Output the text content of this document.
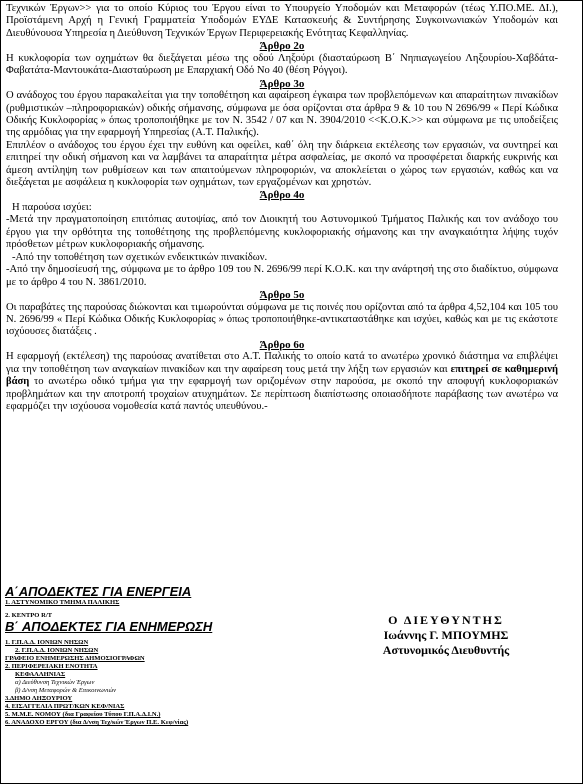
Τεχνικών Έργων>> για το οποίο Κύριος του Έργου είναι το Υπουργείο Υποδομών και Μεταφορών (τέως Υ.ΠΟ.ΜΕ. ΔΙ.), Προϊστάμενη Αρχή η Γενική Γραμματεία Υποδομών ΕΥΔΕ Κατασκευής & Συντήρησης Συγκοινωνιακών Υποδομών και Διευθύνουσα Υπηρεσία η Διεύθυνση Τεχνικών Έργων Περιφερειακής Ενότητας Κεφαλληνίας.

Άρθρο 2ο

Η κυκλοφορία των οχημάτων θα διεξάγεται μέσω της οδού Ληξούρι (διασταύρωση Β΄ Νηπιαγωγείου Ληξουρίου-Χαβδάτα- Φαβατάτα-Μαντουκάτα-Διασταύρωση με Επαρχιακή Οδό Νο 40 (θέση Ρόγγοι).

Άρθρο 3ο

Ο ανάδοχος του έργου παρακαλείται για την τοποθέτηση και αφαίρεση έγκαιρα των προβλεπόμενων και απαραίτητων πινακίδων (ρυθμιστικών –πληροφοριακών) οδικής σήμανσης, σύμφωνα με όσα ορίζονται στα άρθρα 9 & 10 του Ν 2696/99 « Περί Κώδικα Οδικής Κυκλοφορίας » όπως τροποποιήθηκε με τον Ν. 3542 / 07 και Ν. 3904/2010 <<Κ.Ο.Κ.>> και σύμφωνα με τις υποδείξεις της αρμόδιας για την εφαρμογή Υπηρεσίας (Α.Τ. Παλικής).

Επιπλέον ο ανάδοχος του έργου έχει την ευθύνη και οφείλει, καθ΄ όλη την διάρκεια εκτέλεσης των εργασιών, να συντηρεί και επιτηρεί την οδική σήμανση και να λαμβάνει τα απαραίτητα μέτρα ασφαλείας, με σκοπό να προσφέρεται διαρκής ευκρινής και άμεση αντίληψη των ρυθμίσεων και των απαιτούμενων πληροφοριών, να αποκλείεται ο χώρος των εργασιών, καθώς και να διεξάγεται με ασφάλεια η κυκλοφορία των οχημάτων, των εργαζομένων και χρηστών.

Άρθρο 4ο

Η παρούσα ισχύει:

-Μετά την πραγματοποίηση επιτόπιας αυτοψίας, από τον Διοικητή του Αστυνομικού Τμήματος Παλικής και τον ανάδοχο του έργου για την ορθότητα της τοποθέτησης της προβλεπόμενης κυκλοφοριακής σήμανσης και την αναγκαιότητα λήψης τυχόν πρόσθετων μέτρων κυκλοφοριακής σήμανσης.

-Από την τοποθέτηση των σχετικών ενδεικτικών πινακίδων.

-Από την δημοσίευσή της, σύμφωνα με το άρθρο 109 του Ν. 2696/99 περί Κ.Ο.Κ. και την ανάρτησή της στο διαδίκτυο, σύμφωνα με το άρθρο 4 του Ν. 3861/2010.

Άρθρο 5ο

Οι παραβάτες της παρούσας διώκονται και τιμωρούνται σύμφωνα με τις ποινές που ορίζονται από τα άρθρα 4,52,104 και 105 του Ν. 2696/99 « Περί Κώδικα Οδικής Κυκλοφορίας » όπως τροποποιήθηκε-αντικαταστάθηκε και ισχύει, καθώς και με τις εκάστοτε ισχύουσες διατάξεις .

Άρθρο 6ο

Η εφαρμογή (εκτέλεση) της παρούσας ανατίθεται στο Α.Τ. Παλικής το οποίο κατά το ανωτέρω χρονικό διάστημα να επιβλέψει για την τοποθέτηση των αναγκαίων πινακίδων και την αφαίρεση τους μετά την λήξη των εργασιών και επιτηρεί σε καθημερινή βάση το ανωτέρω οδικό τμήμα για την εφαρμογή των οριζομένων στην παρούσα, με σκοπό την αποφυγή κυκλοφοριακών προβλημάτων και την αποτροπή τροχαίων ατυχημάτων. Σε περίπτωση διαπίστωσης οποιασδήποτε παράβασης των ανωτέρω να εφαρμόζει την ισχύουσα νομοθεσία κατά παντός υπευθύνου.-

Α΄ΑΠΟΔΕΚΤΕΣ ΓΙΑ ΕΝΕΡΓΕΙΑ

1. ΑΣΤΥΝΟΜΙΚΟ ΤΜΗΜΑ ΠΑΛΙΚΗΣ

2. ΚΕΝΤΡΟ R/T

Β΄ ΑΠΟΔΕΚΤΕΣ ΓΙΑ ΕΝΗΜΕΡΩΣΗ

1. Γ.Π.Α.Δ. ΙΟΝΙΩΝ ΝΗΣΩΝ

2. Γ.Π.Α.Δ. ΙΟΝΙΩΝ ΝΗΣΩΝ

ΓΡΑΦΕΙΟ ΕΝΗΜΕΡΩΣΗΣ ΔΗΜΟΣΙΟΓΡΑΦΩΝ

2. ΠΕΡΙΦΕΡΕΙΑΚΗ ΕΝΟΤΗΤΑ

ΚΕΦΑΛΛΗΝΙΑΣ

α) Διεύθυνση Τεχνικών Έργων

β) Δ/νση Μεταφορών & Επικοινωνιών

3.ΔΗΜΟ ΛΗΞΟΥΡΙΟΥ

4. ΕΙΣΑΓΓΕΛΙΑ ΠΡΩΤ/ΚΩΝ ΚΕΦ/ΝΙΑΣ

5. Μ.Μ.Ε. ΝΟΜΟΥ (δια Γραφείου Τύπου Γ.Π.Α.Δ.Ι.Ν.)

6. ΑΝΑΔΟΧΟ ΕΡΓΟΥ (δια Δ/νση Τεχ/κών Έργων Π.Ε. Κεφ/νίας)

Ο ΔΙΕΥΘΥΝΤΗΣ

Ιωάννης Γ. ΜΠΟΥΜΗΣ

Αστυνομικός Διευθυντής
